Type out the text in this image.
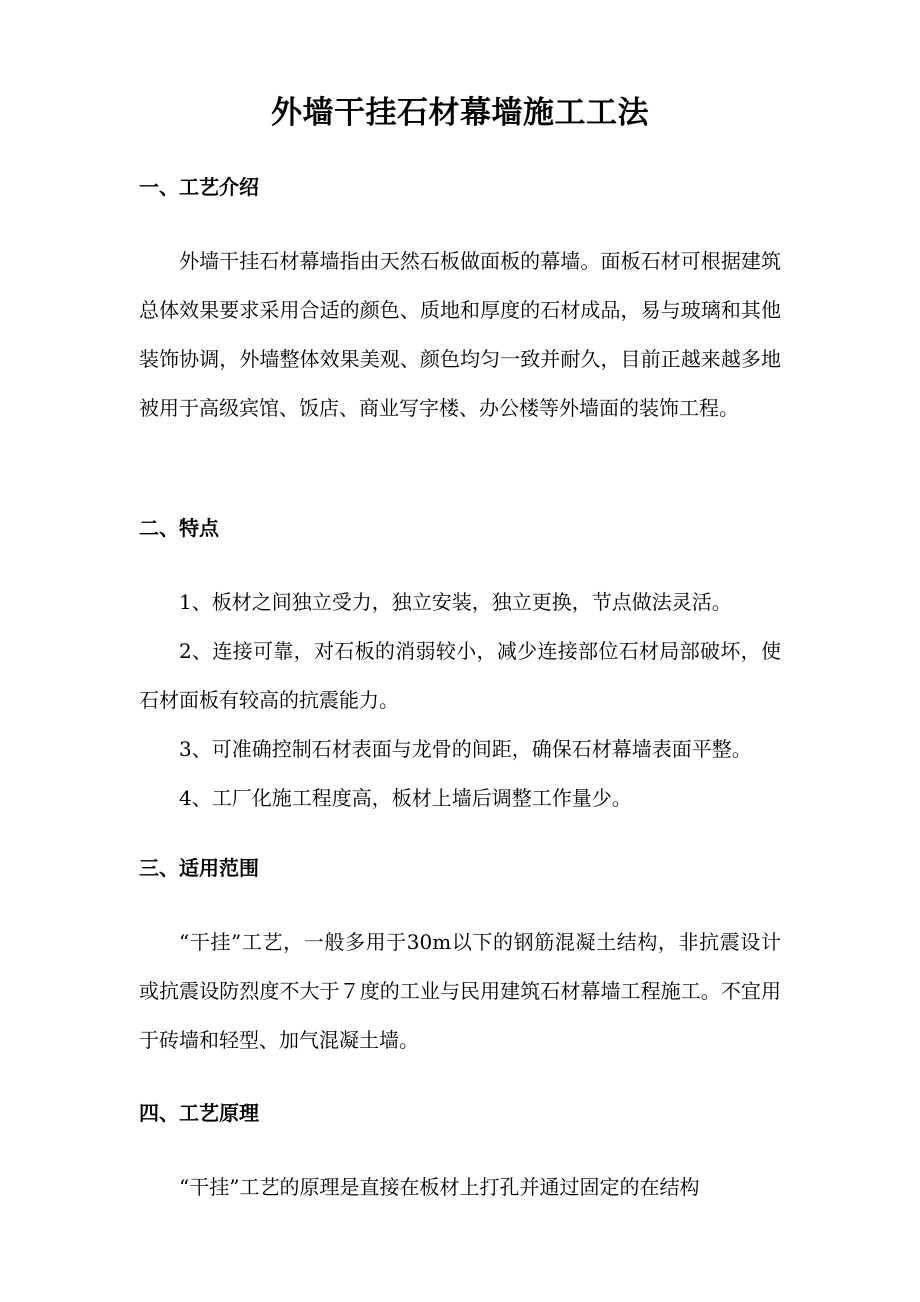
外墙干挂石材幕墙施工工法
一、工艺介绍
外墙干挂石材幕墙指由天然石板做面板的幕墙。面板石材可根据建筑总体效果要求采用合适的颜色、质地和厚度的石材成品，易与玻璃和其他装饰协调，外墙整体效果美观、颜色均匀一致并耐久，目前正越来越多地被用于高级宾馆、饭店、商业写字楼、办公楼等外墙面的装饰工程。
二、特点
1、板材之间独立受力，独立安装，独立更换，节点做法灵活。
2、连接可靠，对石板的消弱较小，减少连接部位石材局部破坏，使石材面板有较高的抗震能力。
3、可准确控制石材表面与龙骨的间距，确保石材幕墙表面平整。
4、工厂化施工程度高，板材上墙后调整工作量少。
三、适用范围
“干挂”工艺，一般多用于30m以下的钢筋混凝土结构，非抗震设计或抗震设防烈度不大于７度的工业与民用建筑石材幕墙工程施工。不宜用于砖墙和轻型、加气混凝土墙。
四、工艺原理
“干挂”工艺的原理是直接在板材上打孔并通过固定的在结构
